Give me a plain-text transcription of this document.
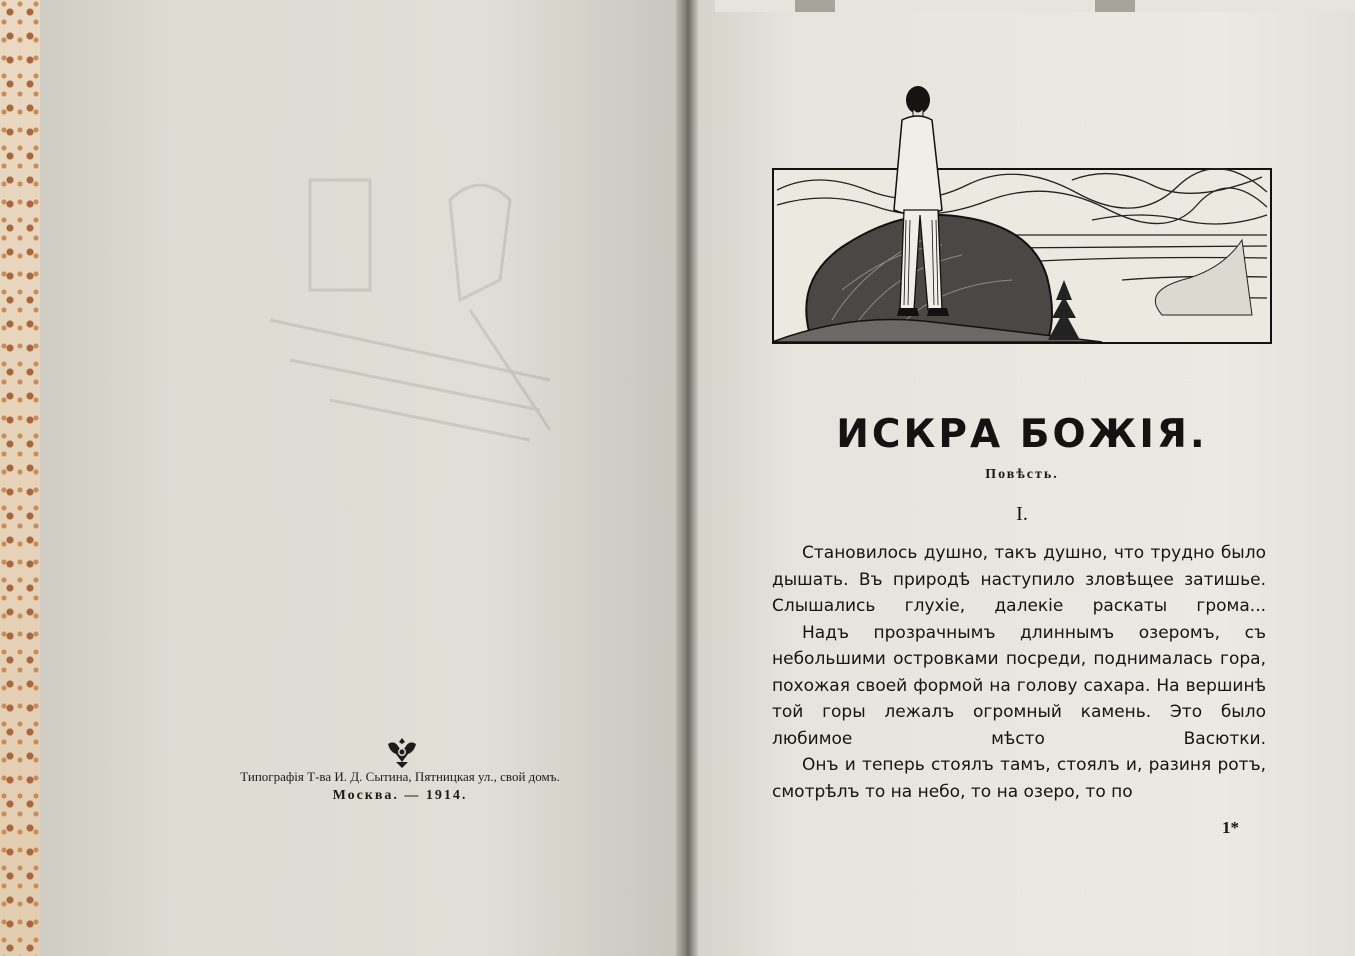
Типографія Т-ва И. Д. Сытина, Пятницкая ул., свой домъ.
Москва. — 1914.
ИСКРА БОЖІЯ.
Повѣсть.
I.

Становилось душно, такъ душно, что трудно было дышать. Въ природѣ наступило зловѣщее затишье. Слышались глухіе, далекіе раскаты грома...

Надъ прозрачнымъ длиннымъ озеромъ, съ небольшими островками посреди, поднималась гора, похожая своей формой на голову сахара. На вершинѣ той горы лежалъ огромный камень. Это было любимое мѣсто Васютки.

Онъ и теперь стоялъ тамъ, стоялъ и, разиня ротъ, смотрѣлъ то на небо, то на озеро, то по

1*
